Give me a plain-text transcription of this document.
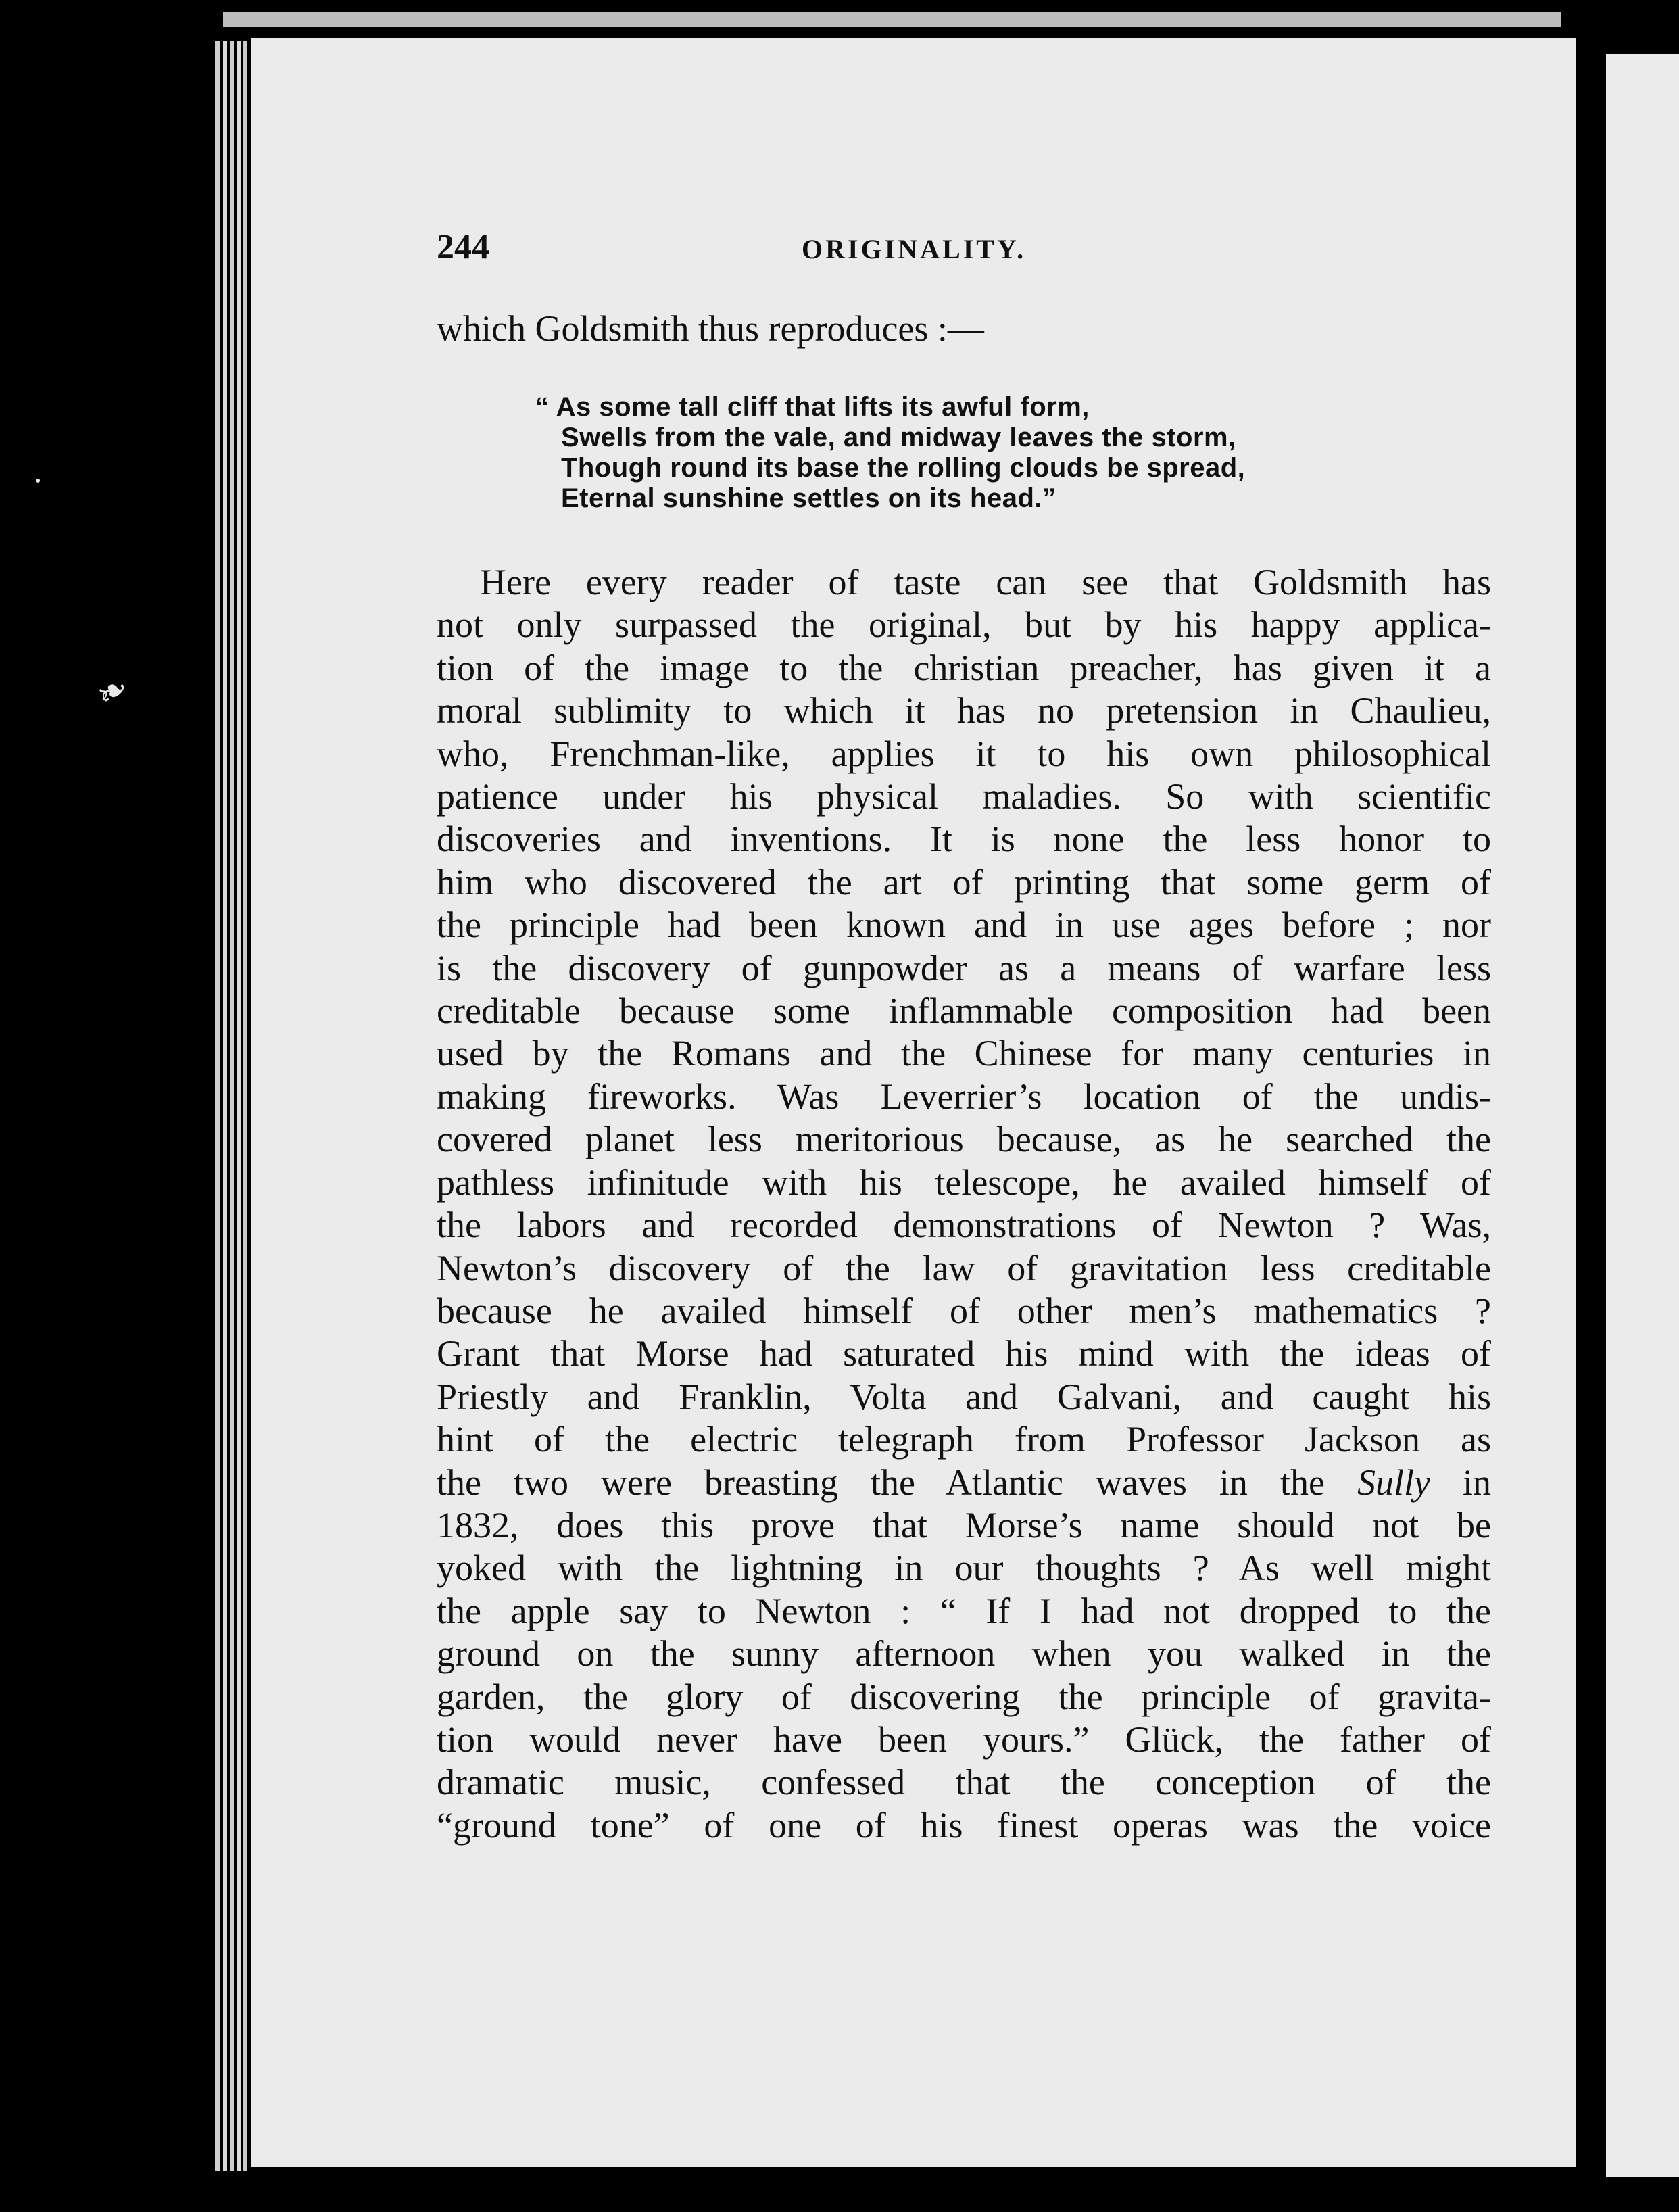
❧
•
244	ORIGINALITY.

which Goldsmith thus reproduces :—

“ As some tall cliff that lifts its awful form,
Swells from the vale, and midway leaves the storm,
Though round its base the rolling clouds be spread,
Eternal sunshine settles on its head.”
Here every reader of taste can see that Goldsmith has
not only surpassed the original, but by his happy applica-
tion of the image to the christian preacher, has given it a
moral sublimity to which it has no pretension in Chaulieu,
who, Frenchman-like, applies it to his own philosophical
patience under his physical maladies. So with scientific
discoveries and inventions. It is none the less honor to
him who discovered the art of printing that some germ of
the principle had been known and in use ages before ; nor
is the discovery of gunpowder as a means of warfare less
creditable because some inflammable composition had been
used by the Romans and the Chinese for many centuries in
making fireworks. Was Leverrier’s location of the undis-
covered planet less meritorious because, as he searched the
pathless infinitude with his telescope, he availed himself of
the labors and recorded demonstrations of Newton ? Was,
Newton’s discovery of the law of gravitation less creditable
because he availed himself of other men’s mathematics ?
Grant that Morse had saturated his mind with the ideas of
Priestly and Franklin, Volta and Galvani, and caught his
hint of the electric telegraph from Professor Jackson as
the two were breasting the Atlantic waves in the Sully in
1832, does this prove that Morse’s name should not be
yoked with the lightning in our thoughts ? As well might
the apple say to Newton : “ If I had not dropped to the
ground on the sunny afternoon when you walked in the
garden, the glory of discovering the principle of gravita-
tion would never have been yours.” Glück, the father of
dramatic music, confessed that the conception of the
“ground tone” of one of his finest operas was the voice
